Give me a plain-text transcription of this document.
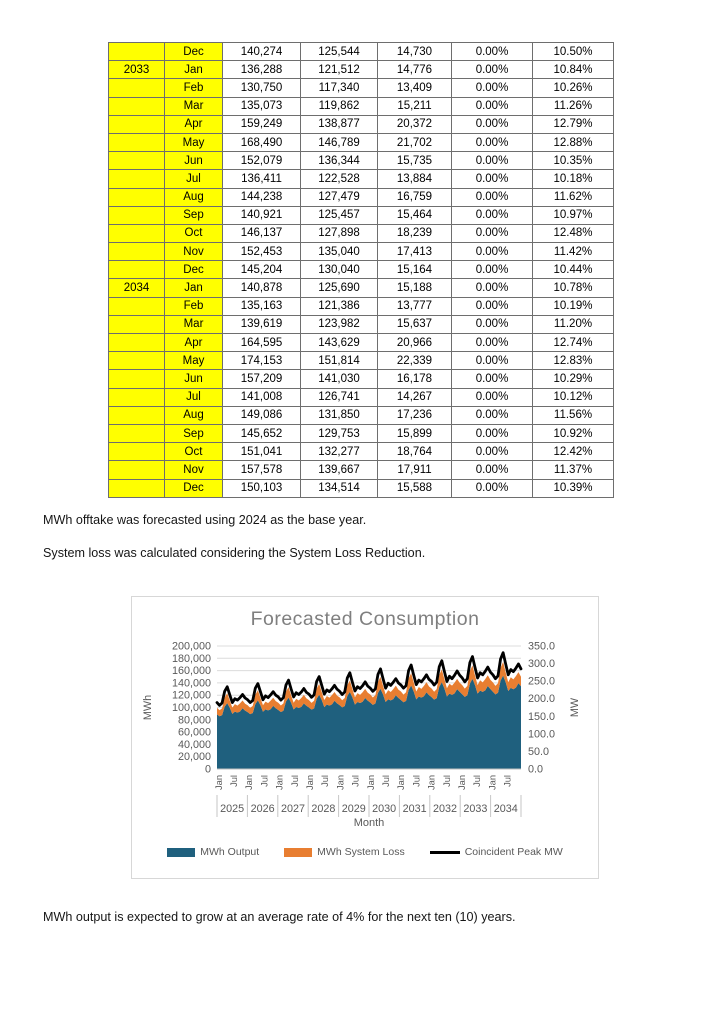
	Dec	140,274	125,544	14,730	0.00%	10.50%
2033	Jan	136,288	121,512	14,776	0.00%	10.84%
	Feb	130,750	117,340	13,409	0.00%	10.26%
	Mar	135,073	119,862	15,211	0.00%	11.26%
	Apr	159,249	138,877	20,372	0.00%	12.79%
	May	168,490	146,789	21,702	0.00%	12.88%
	Jun	152,079	136,344	15,735	0.00%	10.35%
	Jul	136,411	122,528	13,884	0.00%	10.18%
	Aug	144,238	127,479	16,759	0.00%	11.62%
	Sep	140,921	125,457	15,464	0.00%	10.97%
	Oct	146,137	127,898	18,239	0.00%	12.48%
	Nov	152,453	135,040	17,413	0.00%	11.42%
	Dec	145,204	130,040	15,164	0.00%	10.44%
2034	Jan	140,878	125,690	15,188	0.00%	10.78%
	Feb	135,163	121,386	13,777	0.00%	10.19%
	Mar	139,619	123,982	15,637	0.00%	11.20%
	Apr	164,595	143,629	20,966	0.00%	12.74%
	May	174,153	151,814	22,339	0.00%	12.83%
	Jun	157,209	141,030	16,178	0.00%	10.29%
	Jul	141,008	126,741	14,267	0.00%	10.12%
	Aug	149,086	131,850	17,236	0.00%	11.56%
	Sep	145,652	129,753	15,899	0.00%	10.92%
	Oct	151,041	132,277	18,764	0.00%	12.42%
	Nov	157,578	139,667	17,911	0.00%	11.37%
	Dec	150,103	134,514	15,588	0.00%	10.39%

MWh offtake was forecasted using 2024 as the base year.

System loss was calculated considering the System Loss Reduction.

0
20,000
40,000
60,000
80,000
100,000
120,000
140,000
160,000
180,000
200,000
0.0
50.0
100.0
150.0
200.0
250.0
300.0
350.0
Jan Jul Jan Jul Jan Jul Jan Jul Jan Jul Jan Jul Jan Jul Jan Jul Jan Jul Jan Jul
2025 2026 2027 2028 2029 2030 2031 2032 2033 2034
Month
MWh	MW
Forecasted Consumption
MWh Output	MWh System Loss	Coincident Peak MW

MWh output is expected to grow at an average rate of 4% for the next ten (10) years.
